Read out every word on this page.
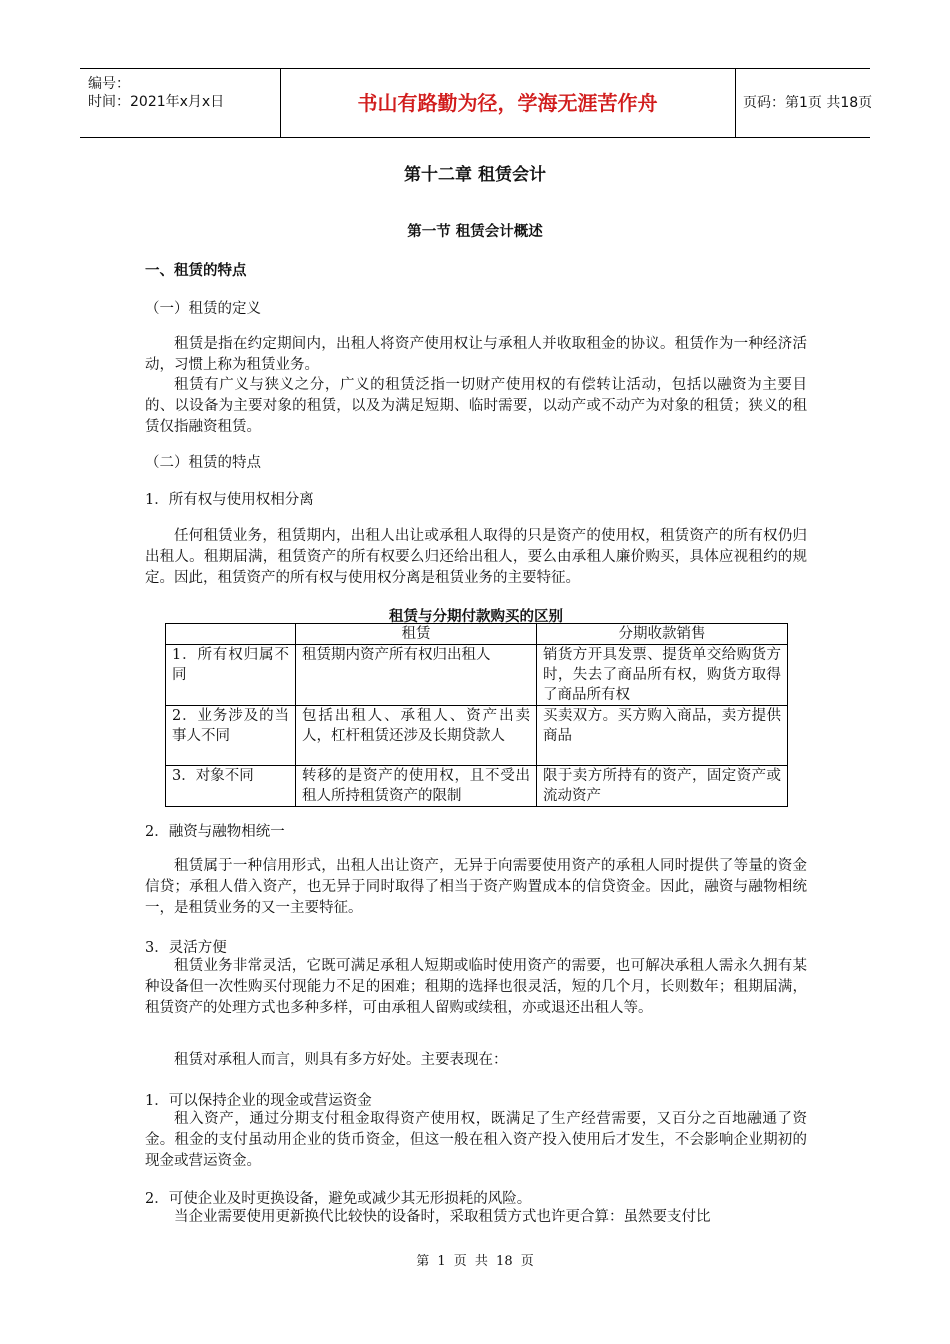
编号：
时间：2021年x月x日	书山有路勤为径，学海无涯苦作舟	页码：第1页 共18页
第十二章 租赁会计
第一节 租赁会计概述
一、租赁的特点
（一）租赁的定义
租赁是指在约定期间内，出租人将资产使用权让与承租人并收取租金的协议。租赁作为一种经济活动，习惯上称为租赁业务。
租赁有广义与狭义之分，广义的租赁泛指一切财产使用权的有偿转让活动，包括以融资为主要目的、以设备为主要对象的租赁，以及为满足短期、临时需要，以动产或不动产为对象的租赁；狭义的租赁仅指融资租赁。
（二）租赁的特点
1．所有权与使用权相分离
任何租赁业务，租赁期内，出租人出让或承租人取得的只是资产的使用权，租赁资产的所有权仍归出租人。租期届满，租赁资产的所有权要么归还给出租人，要么由承租人廉价购买，具体应视租约的规定。因此，租赁资产的所有权与使用权分离是租赁业务的主要特征。
租赁与分期付款购买的区别
	租赁	分期收款销售
1．所有权归属不同	租赁期内资产所有权归出租人	销货方开具发票、提货单交给购货方时，失去了商品所有权，购货方取得了商品所有权
2．业务涉及的当事人不同	包括出租人、承租人、资产出卖人，杠杆租赁还涉及长期贷款人	买卖双方。买方购入商品，卖方提供商品
3．对象不同	转移的是资产的使用权，且不受出租人所持租赁资产的限制	限于卖方所持有的资产，固定资产或流动资产
2．融资与融物相统一
租赁属于一种信用形式，出租人出让资产，无异于向需要使用资产的承租人同时提供了等量的资金信贷；承租人借入资产，也无异于同时取得了相当于资产购置成本的信贷资金。因此，融资与融物相统一，是租赁业务的又一主要特征。
3．灵活方便
租赁业务非常灵活，它既可满足承租人短期或临时使用资产的需要，也可解决承租人需永久拥有某种设备但一次性购买付现能力不足的困难；租期的选择也很灵活，短的几个月，长则数年；租期届满，租赁资产的处理方式也多种多样，可由承租人留购或续租，亦或退还出租人等。
租赁对承租人而言，则具有多方好处。主要表现在：
1．可以保持企业的现金或营运资金
租入资产，通过分期支付租金取得资产使用权，既满足了生产经营需要，又百分之百地融通了资金。租金的支付虽动用企业的货币资金，但这一般在租入资产投入使用后才发生，不会影响企业期初的现金或营运资金。
2．可使企业及时更换设备，避免或减少其无形损耗的风险。
当企业需要使用更新换代比较快的设备时，采取租赁方式也许更合算：虽然要支付比
第 1 页 共 18 页
